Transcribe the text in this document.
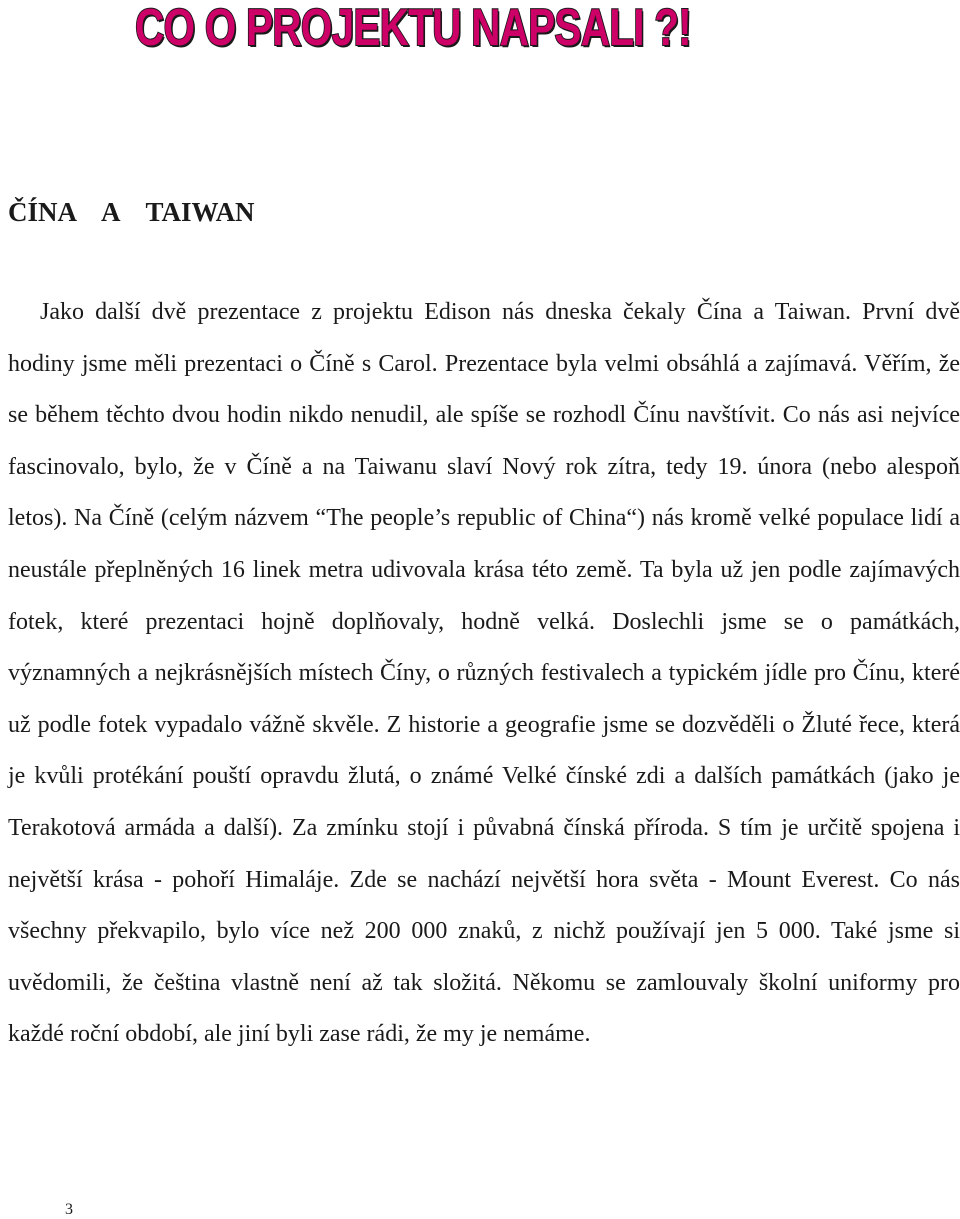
CO O PROJEKTU NAPSALI ?!
ČÍNA    A    TAIWAN

Jako další dvě prezentace z projektu Edison nás dneska čekaly Čína a Taiwan. První dvě hodiny jsme měli prezentaci o Číně s Carol. Prezentace byla velmi obsáhlá a zajímavá. Věřím, že se během těchto dvou hodin nikdo nenudil, ale spíše se rozhodl Čínu navštívit. Co nás asi nejvíce fascinovalo, bylo, že v Číně a na Taiwanu slaví Nový rok zítra, tedy 19. února (nebo alespoň letos). Na Číně (celým názvem “The people’s republic of China“) nás kromě velké populace lidí a neustále přeplněných 16 linek metra udivovala krása této země. Ta byla už jen podle zajímavých fotek, které prezentaci hojně doplňovaly, hodně velká. Doslechli jsme se o památkách, významných a nejkrásnějších místech Číny, o různých festivalech a typickém jídle pro Čínu, které už podle fotek vypadalo vážně skvěle. Z historie a geografie jsme se dozvěděli o Žluté řece, která je kvůli protékání pouští opravdu žlutá, o známé Velké čínské zdi a dalších památkách (jako je Terakotová armáda a další). Za zmínku stojí i půvabná čínská příroda. S tím je určitě spojena i největší krása - pohoří Himaláje. Zde se nachází největší hora světa - Mount Everest. Co nás všechny překvapilo, bylo více než 200 000 znaků, z nichž používají jen 5 000. Také jsme si uvědomili, že čeština vlastně není až tak složitá. Někomu se zamlouvaly školní uniformy pro každé roční období, ale jiní byli zase rádi, že my je nemáme.

3
